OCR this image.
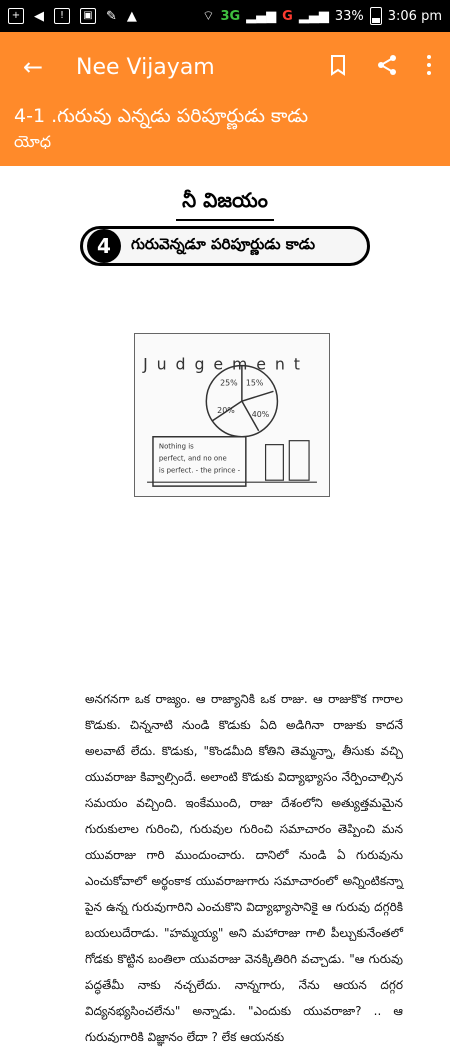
+ ◀	!	▣ ✎ ▲	⌔ 3G ▂▄▆ G ▂▄▆ 33% 3:06 pm
← Nee Vijayam
4-1 .గురువు ఎన్నడు పరిపూర్ణుడు కాడు
యోధ
నీ విజయం
4	గురువెన్నడూ పరిపూర్ణుడు కాడు
Judgement
25% 15%
20% 40%
Nothing is
perfect, and no one
is perfect. - the prince -

అనగనగా ఒక రాజ్యం. ఆ రాజ్యానికి ఒక రాజు. ఆ రాజుకొక గారాల కొడుకు. చిన్ననాటి నుండి కొడుకు ఏది అడిగినా రాజుకు కాదనే అలవాటే లేదు. కొడుకు, "కొండమీది కోతిని తెమ్మన్నా, తీసుకు వచ్చి యువరాజు కివ్వాల్సిందే. అలాంటి కొడుకు విద్యాభ్యాసం నేర్పించాల్సిన సమయం వచ్చింది. ఇంకేముంది, రాజు దేశంలోని అత్యుత్తమమైన గురుకులాల గురించి, గురువుల గురించి సమాచారం తెప్పించి మన యువరాజు గారి ముందుంచారు. దానిలో నుండి ఏ గురువును ఎంచుకోవాలో అర్థంకాక యువరాజుగారు సమాచారంలో అన్నింటికన్నా పైన ఉన్న గురువుగారిని ఎంచుకొని విద్యాభ్యాసానికై ఆ గురువు దగ్గరికి బయలుదేరాడు. "హమ్మయ్య" అని మహారాజు గాలి పీల్చుకునేంతలో గోడకు కొట్టిన బంతిలా యువరాజు వెనక్కితిరిగి వచ్చాడు. "ఆ గురువు పద్ధతేమీ నాకు నచ్చలేదు. నాన్నగారు, నేను ఆయన దగ్గర విద్యనభ్యసించలేను" అన్నాడు. "ఎందుకు యువరాజా? .. ఆ గురువుగారికి విజ్ఞానం లేదా ? లేక ఆయనకు
